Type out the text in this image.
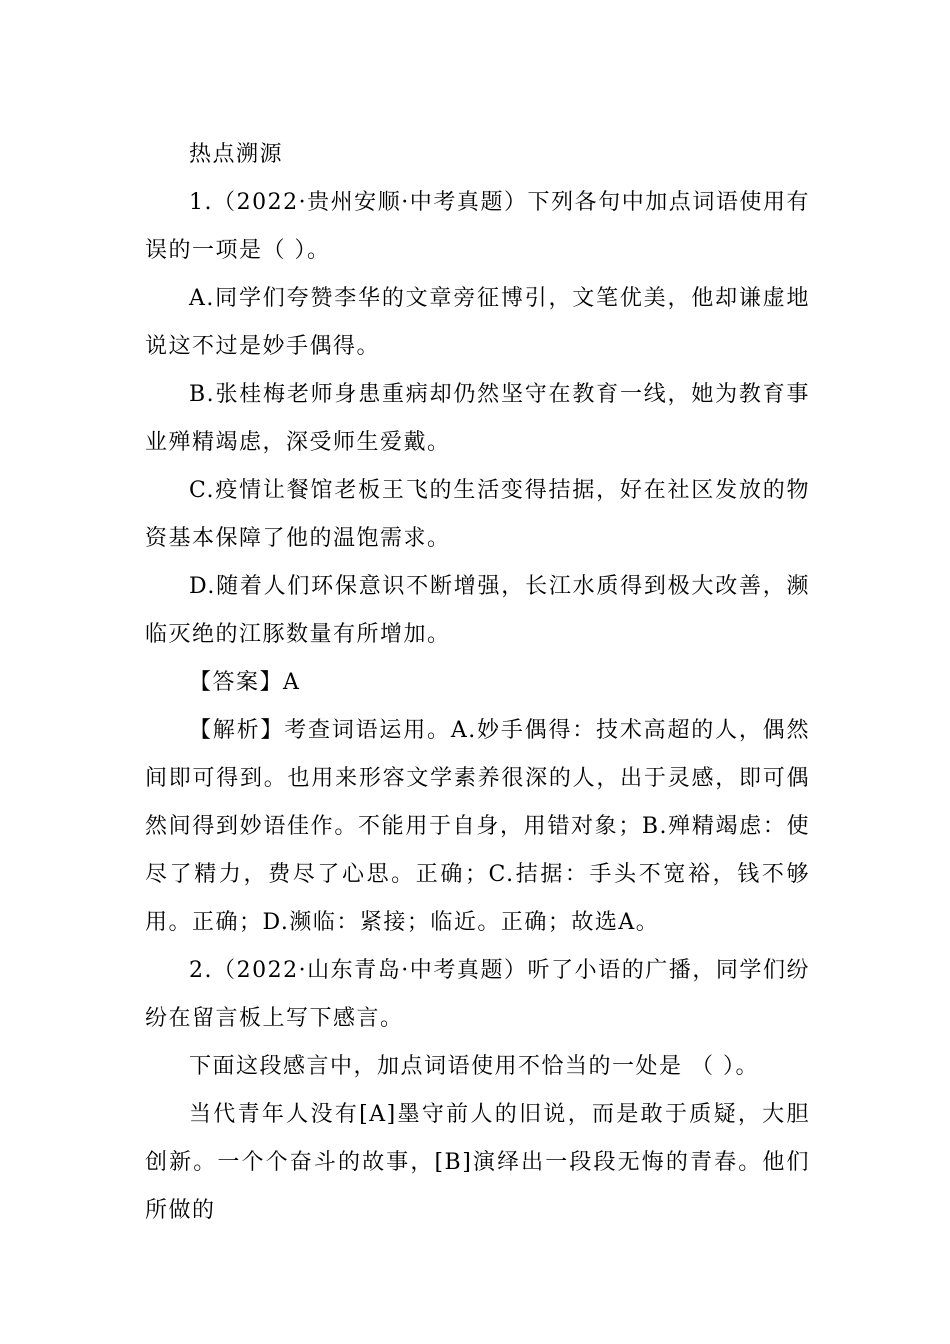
热点溯源

1.（2022·贵州安顺·中考真题）下列各句中加点词语使用有误的一项是（ ）。

A.同学们夸赞李华的文章旁征博引，文笔优美，他却谦虚地说这不过是妙手偶得。

B.张桂梅老师身患重病却仍然坚守在教育一线，她为教育事业殚精竭虑，深受师生爱戴。

C.疫情让餐馆老板王飞的生活变得拮据，好在社区发放的物资基本保障了他的温饱需求。

D.随着人们环保意识不断增强，长江水质得到极大改善，濒临灭绝的江豚数量有所增加。

【答案】A

【解析】考查词语运用。A.妙手偶得：技术高超的人，偶然间即可得到。也用来形容文学素养很深的人，出于灵感，即可偶然间得到妙语佳作。不能用于自身，用错对象；B.殚精竭虑：使尽了精力，费尽了心思。正确；C.拮据：手头不宽裕，钱不够用。正确；D.濒临：紧接；临近。正确；故选A。

2.（2022·山东青岛·中考真题）听了小语的广播，同学们纷纷在留言板上写下感言。

下面这段感言中，加点词语使用不恰当的一处是 （ ）。

当代青年人没有[A]墨守前人的旧说，而是敢于质疑，大胆创新。一个个奋斗的故事，[B]演绎出一段段无悔的青春。他们所做的
